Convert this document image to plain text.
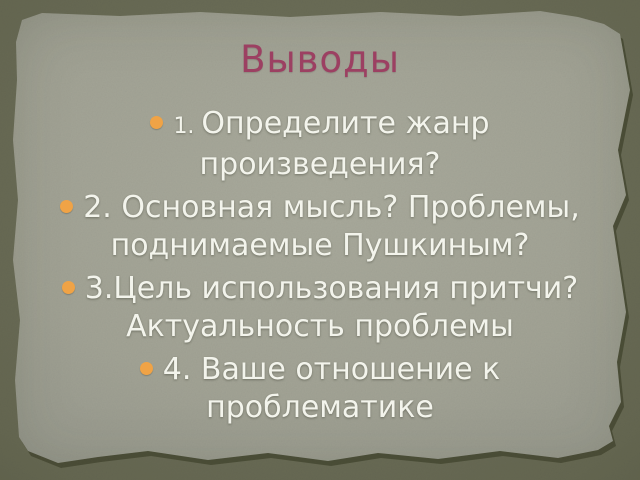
Выводы
1. Определите жанр
произведения?
2. Основная мысль? Проблемы,
поднимаемые Пушкиным?
3.Цель использования притчи?
Актуальность проблемы
4. Ваше отношение к
проблематике
